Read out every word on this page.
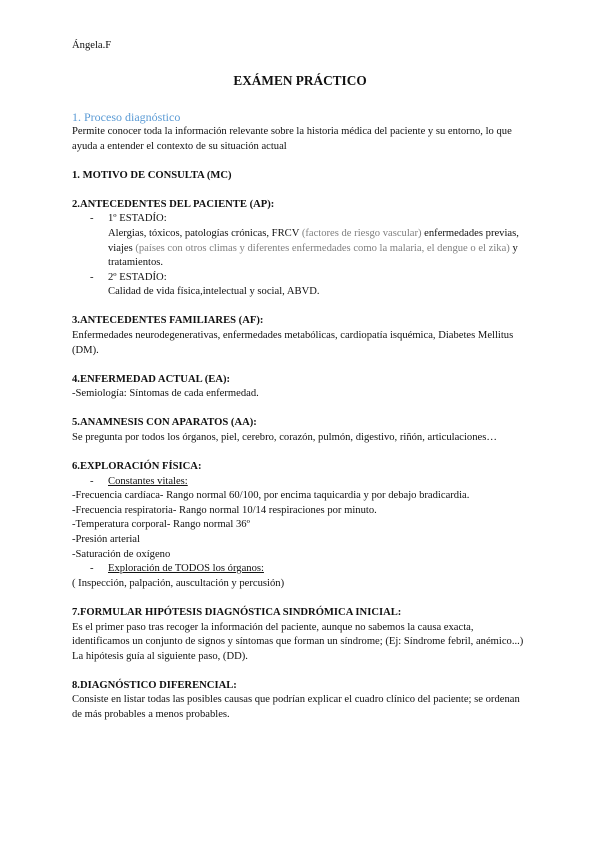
Ángela.F
EXÁMEN PRÁCTICO
1. Proceso diagnóstico
Permite conocer toda la información relevante sobre la historia médica del paciente y su entorno, lo que ayuda a entender el contexto de su situación actual
1. MOTIVO DE CONSULTA (MC)
2.ANTECEDENTES DEL PACIENTE (AP):
- 1º ESTADÍO:
Alergias, tóxicos, patologías crónicas, FRCV (factores de riesgo vascular) enfermedades previas, viajes (países con otros climas y diferentes enfermedades como la malaria, el dengue o el zika) y tratamientos.
- 2º ESTADÍO:
Calidad de vida física,intelectual y social, ABVD.
3.ANTECEDENTES FAMILIARES (AF):
Enfermedades neurodegenerativas, enfermedades metabólicas, cardiopatía isquémica, Diabetes Mellitus (DM).
4.ENFERMEDAD ACTUAL (EA):
-Semiología: Síntomas de cada enfermedad.
5.ANAMNESIS CON APARATOS (AA):
Se pregunta por todos los órganos, piel, cerebro, corazón, pulmón, digestivo, riñón, articulaciones…
6.EXPLORACIÓN FÍSICA:
- Constantes vitales:
-Frecuencia cardíaca- Rango normal 60/100, por encima taquicardia y por debajo bradicardia.
-Frecuencia respiratoria- Rango normal 10/14 respiraciones por minuto.
-Temperatura corporal- Rango normal 36º
-Presión arterial
-Saturación de oxígeno
- Exploración de TODOS los órganos:
( Inspección, palpación, auscultación y percusión)
7.FORMULAR HIPÓTESIS DIAGNÓSTICA SINDRÓMICA INICIAL:
Es el primer paso tras recoger la información del paciente, aunque no sabemos la causa exacta, identificamos un conjunto de signos y síntomas que forman un síndrome; (Ej: Síndrome febril, anémico...)
La hipótesis guía al siguiente paso, (DD).
8.DIAGNÓSTICO DIFERENCIAL:
Consiste en listar todas las posibles causas que podrían explicar el cuadro clínico del paciente; se ordenan de más probables a menos probables.
